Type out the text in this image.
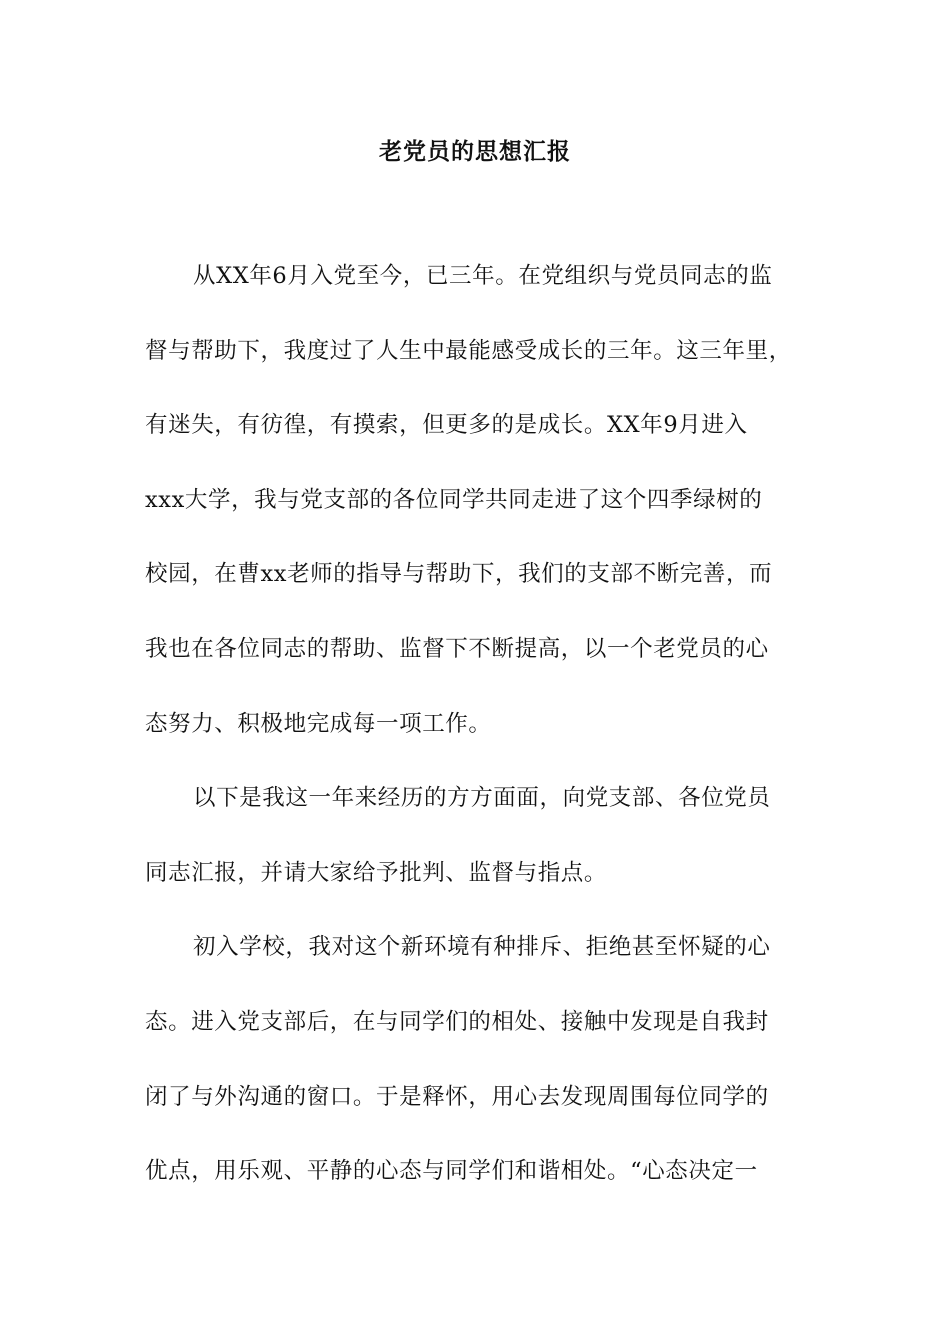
老党员的思想汇报
从XX年6月入党至今，已三年。在党组织与党员同志的监
督与帮助下，我度过了人生中最能感受成长的三年。这三年里，
有迷失，有彷徨，有摸索，但更多的是成长。XX年9月进入
xxx大学，我与党支部的各位同学共同走进了这个四季绿树的
校园，在曹xx老师的指导与帮助下，我们的支部不断完善，而
我也在各位同志的帮助、监督下不断提高，以一个老党员的心
态努力、积极地完成每一项工作。
以下是我这一年来经历的方方面面，向党支部、各位党员
同志汇报，并请大家给予批判、监督与指点。
初入学校，我对这个新环境有种排斥、拒绝甚至怀疑的心
态。进入党支部后，在与同学们的相处、接触中发现是自我封
闭了与外沟通的窗口。于是释怀，用心去发现周围每位同学的
优点，用乐观、平静的心态与同学们和谐相处。“心态决定一
